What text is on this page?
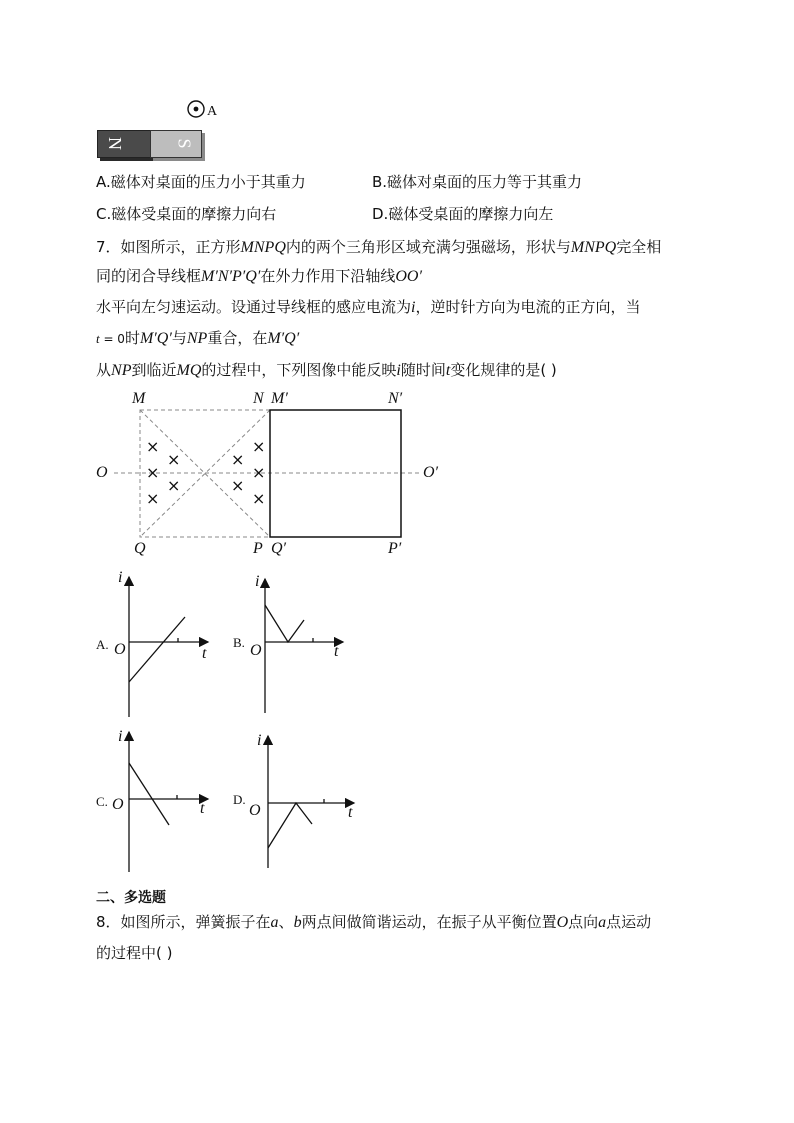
A
N	S
A.磁体对桌面的压力小于其重力	B.磁体对桌面的压力等于其重力
C.磁体受桌面的摩擦力向右	D.磁体受桌面的摩擦力向左
7．如图所示，正方形MNPQ内的两个三角形区域充满匀强磁场，形状与MNPQ完全相
同的闭合导线框M′N′P′Q′在外力作用下沿轴线OO′
水平向左匀速运动。设通过导线框的感应电流为i，逆时针方向为电流的正方向，当
t = 0时M′Q′与NP重合，在M′Q′
从NP到临近MQ的过程中，下列图像中能反映i随时间t变化规律的是( )
×
×
×
×
×
×
×
×
×
×
M	N M′	N′
O	O′
Q	P Q′	P′
i
O	t
A.
i
O	t
B.
i
O	t
C.
i
O	t
D.
二、多选题
8．如图所示，弹簧振子在a、b两点间做简谐运动，在振子从平衡位置O点向a点运动
的过程中( )
